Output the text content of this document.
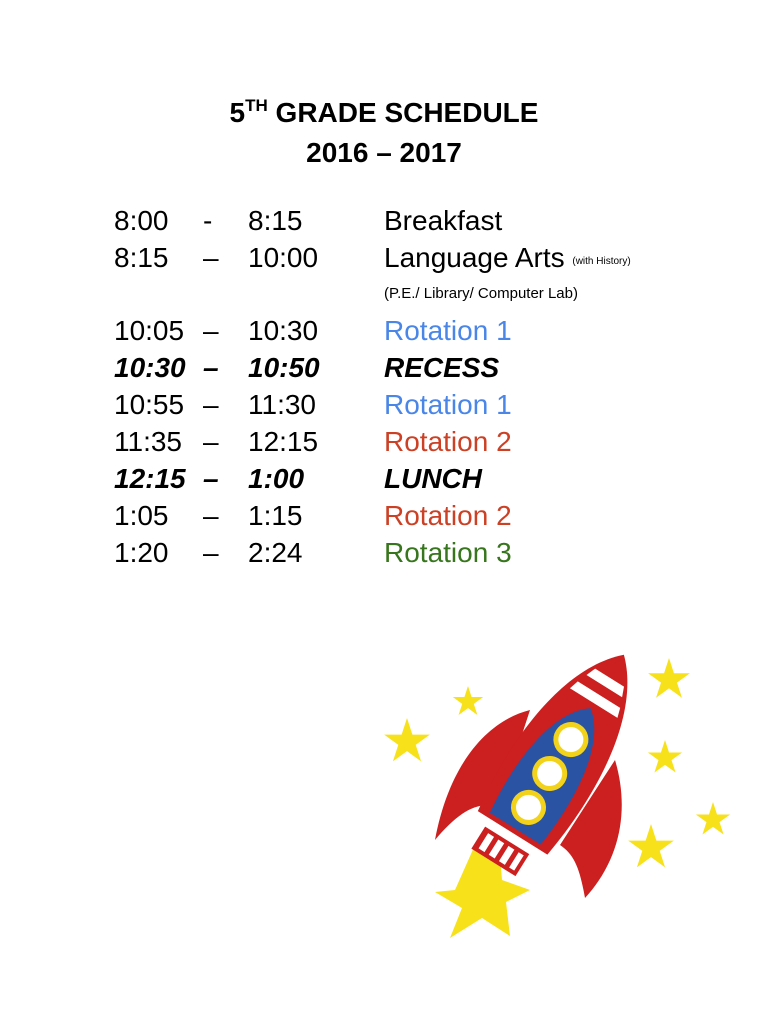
5TH GRADE SCHEDULE
2016 – 2017
8:00 - 8:15	Breakfast
8:15 – 10:00 Language Arts (with History)
(P.E./ Library/ Computer Lab)
10:05 – 10:30 Rotation 1
10:30 – 10:50 RECESS
10:55 – 11:30 Rotation 1
11:35 – 12:15 Rotation 2
12:15 – 1:00	LUNCH
1:05 – 1:15	Rotation 2
1:20 – 2:24	Rotation 3
